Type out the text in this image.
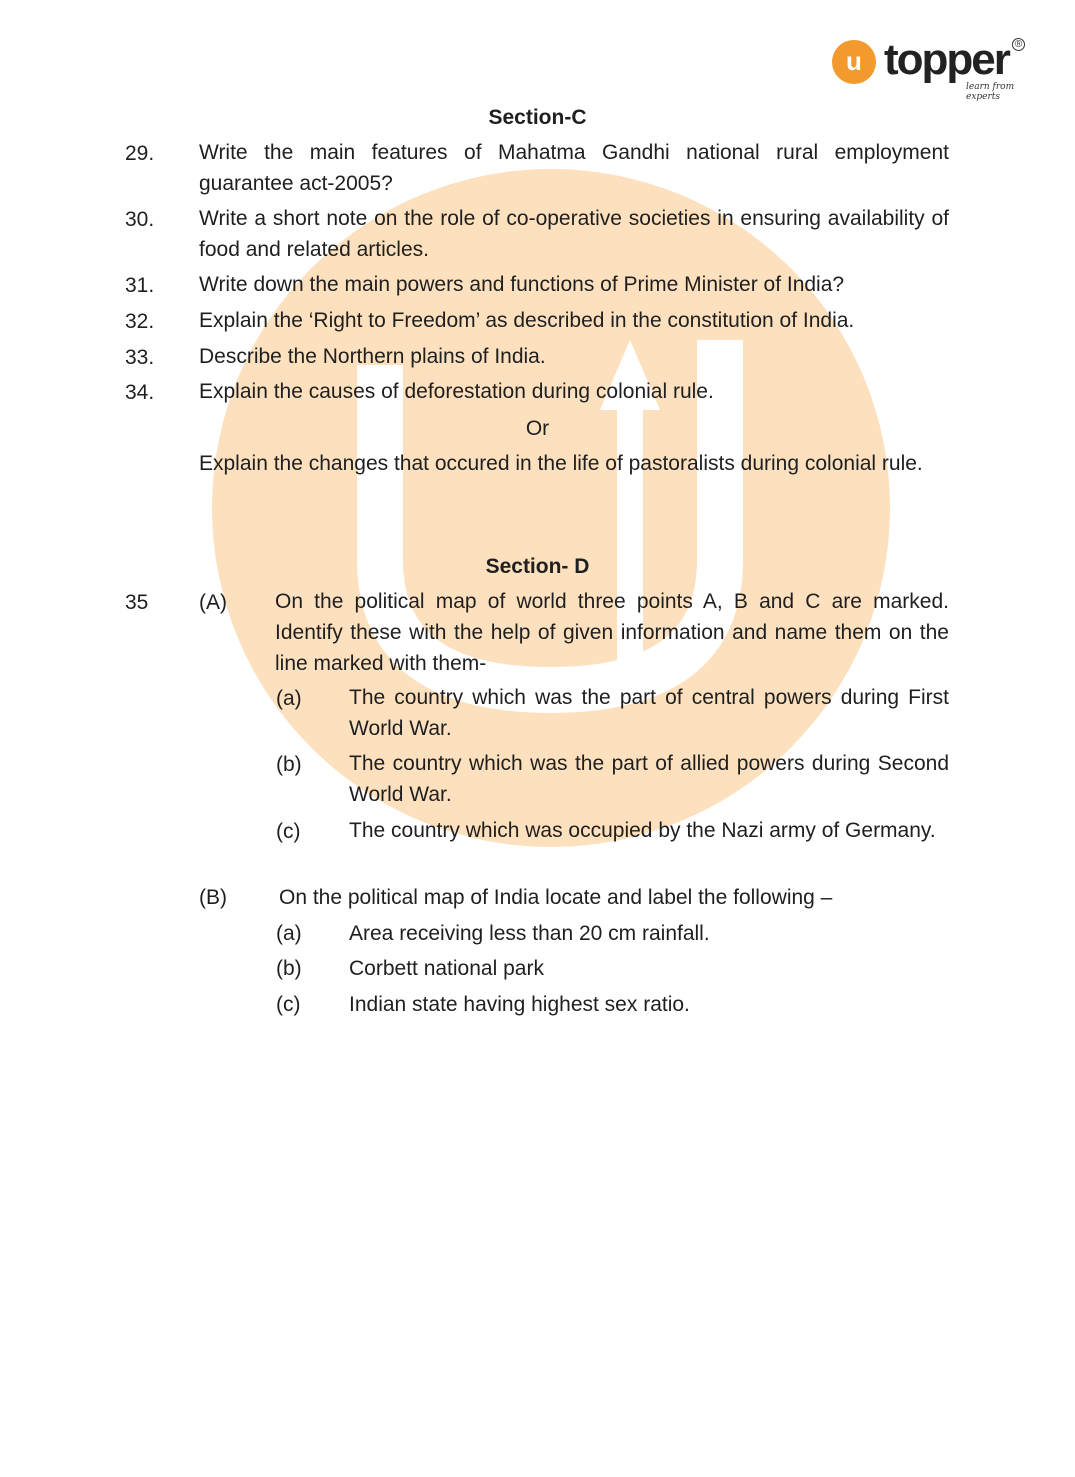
u topper
learn from experts
®
Section-C
29. Write the main features of Mahatma Gandhi national rural employment guarantee act-2005?
30. Write a short note on the role of co-operative societies in ensuring availability of food and related articles.
31. Write down the main powers and functions of Prime Minister of India?
32. Explain the ‘Right to Freedom’ as described in the constitution of India.
33. Describe the Northern plains of India.
34. Explain the causes of deforestation during colonial rule.
Or
Explain the changes that occured in the life of pastoralists during colonial rule.
Section- D
35 (A) On the political map of world three points A, B and C are marked. Identify these with the help of given information and name them on the line marked with them-
(a) The country which was the part of central powers during First World War.
(b) The country which was the part of allied powers during Second World War.
(c) The country which was occupied by the Nazi army of Germany.
(B) On the political map of India locate and label the following –
(a) Area receiving less than 20 cm rainfall.
(b) Corbett national park
(c) Indian state having highest sex ratio.
